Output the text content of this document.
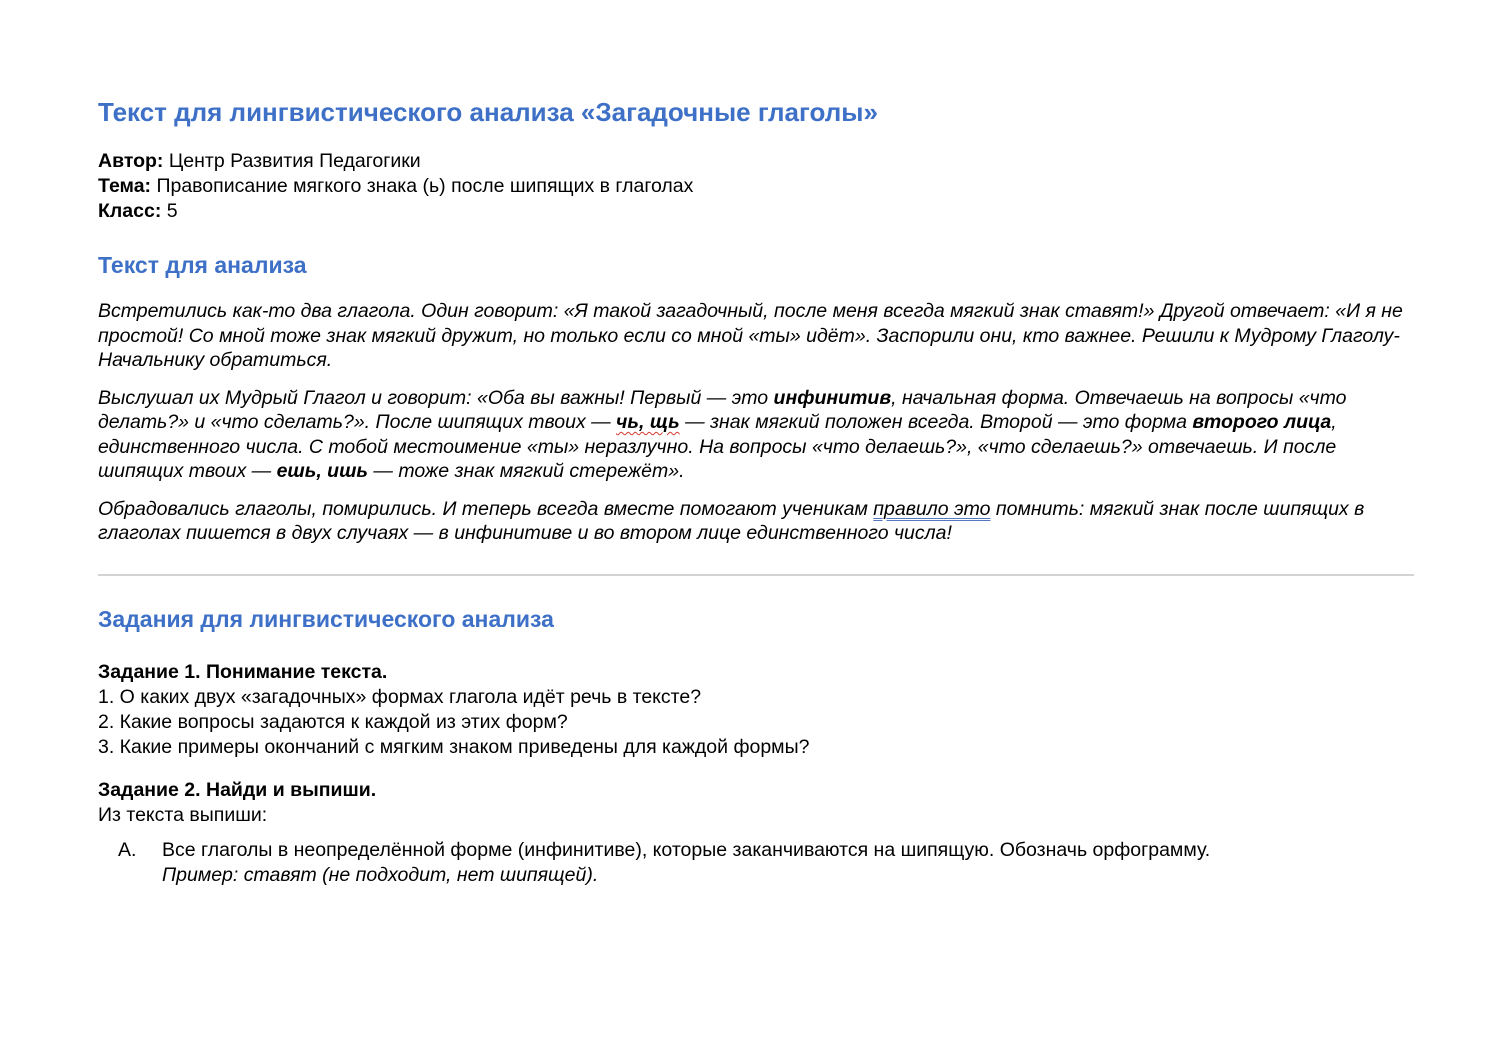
Текст для лингвистического анализа «Загадочные глаголы»
Автор: Центр Развития Педагогики
Тема: Правописание мягкого знака (ь) после шипящих в глаголах
Класс: 5
Текст для анализа

Встретились как-то два глагола. Один говорит: «Я такой загадочный, после меня всегда мягкий знак ставят!» Другой отвечает: «И я не простой! Со мной тоже знак мягкий дружит, но только если со мной «ты» идёт». Заспорили они, кто важнее. Решили к Мудрому Глаголу-Начальнику обратиться.

Выслушал их Мудрый Глагол и говорит: «Оба вы важны! Первый — это инфинитив, начальная форма. Отвечаешь на вопросы «что делать?» и «что сделать?». После шипящих твоих — чь, щь — знак мягкий положен всегда. Второй — это форма второго лица, единственного числа. С тобой местоимение «ты» неразлучно. На вопросы «что делаешь?», «что сделаешь?» отвечаешь. И после шипящих твоих — ешь, ишь — тоже знак мягкий стережёт».

Обрадовались глаголы, помирились. И теперь всегда вместе помогают ученикам правило это помнить: мягкий знак после шипящих в глаголах пишется в двух случаях — в инфинитиве и во втором лице единственного числа!

Задания для лингвистического анализа
Задание 1. Понимание текста.
1. О каких двух «загадочных» формах глагола идёт речь в тексте?
2. Какие вопросы задаются к каждой из этих форм?
3. Какие примеры окончаний с мягким знаком приведены для каждой формы?
Задание 2. Найди и выпиши.
Из текста выпиши:
A. Все глаголы в неопределённой форме (инфинитиве), которые заканчиваются на шипящую. Обозначь орфограмму.
Пример: ставят (не подходит, нет шипящей).
